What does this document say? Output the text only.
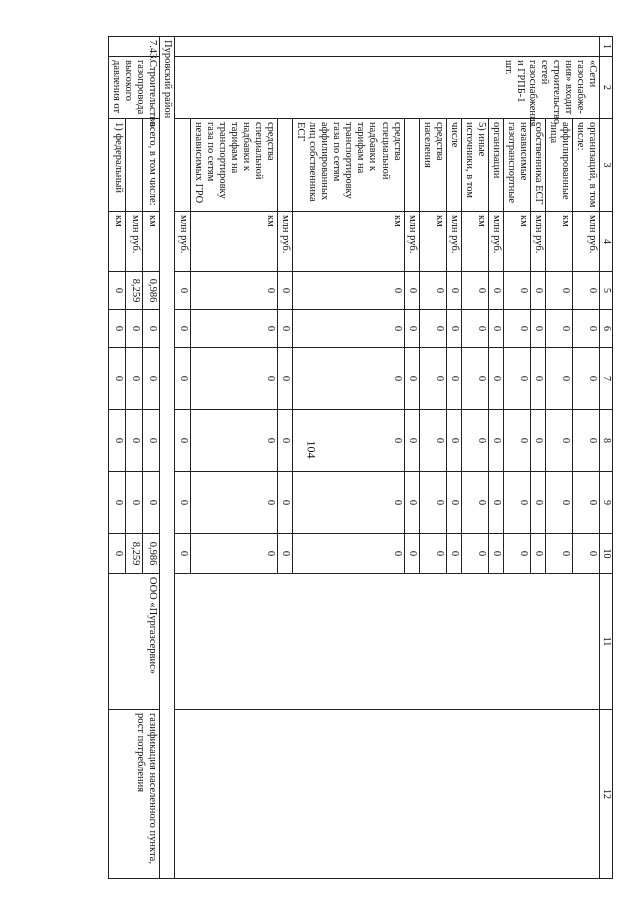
104
1	2	3	4	5	6	7	8	9	10	11	12
	«Сети газоснабже-ния» входит строительство сетей газоснабжения и ГРПБ-1 шт.	организаций, в том числе:	млн руб.	0	0	0	0	0	0		
		аффилированные лица	км	0	0	0	0	0	0		
		собственника ЕСГ	млн руб.	0	0	0	0	0	0		
		независимые газотранспортные	км	0	0	0	0	0	0		
		организации	млн руб.	0	0	0	0	0	0		
		5) иные источники, в том	км	0	0	0	0	0	0		
		числе	млн руб.	0	0	0	0	0	0		
		средства населения	км	0	0	0	0	0	0		
			млн руб.	0	0	0	0	0	0		
		средства специальной надбавки к тарифам на транспортировку газа по сетям аффилированных лиц собственника ЕСГ	км	0	0	0	0	0	0		
			млн руб.	0	0	0	0	0	0		
		средства специальной надбавки к тарифам на транспортировку газа по сетям независимых ГРО	км	0	0	0	0	0	0		
			млн руб.	0	0	0	0	0	0		
Пуровский район											
7.43.	Строительство газопровода высокого давления от	всего, в том числе:	км	0,986	0	0	0	0	0,986	ООО «Пургазсервис»	газификация населенного пункта, рост потребления
			млн руб.	8,259	0	0	0	0	8,259		
		1) федеральный	км	0	0	0	0	0	0		
